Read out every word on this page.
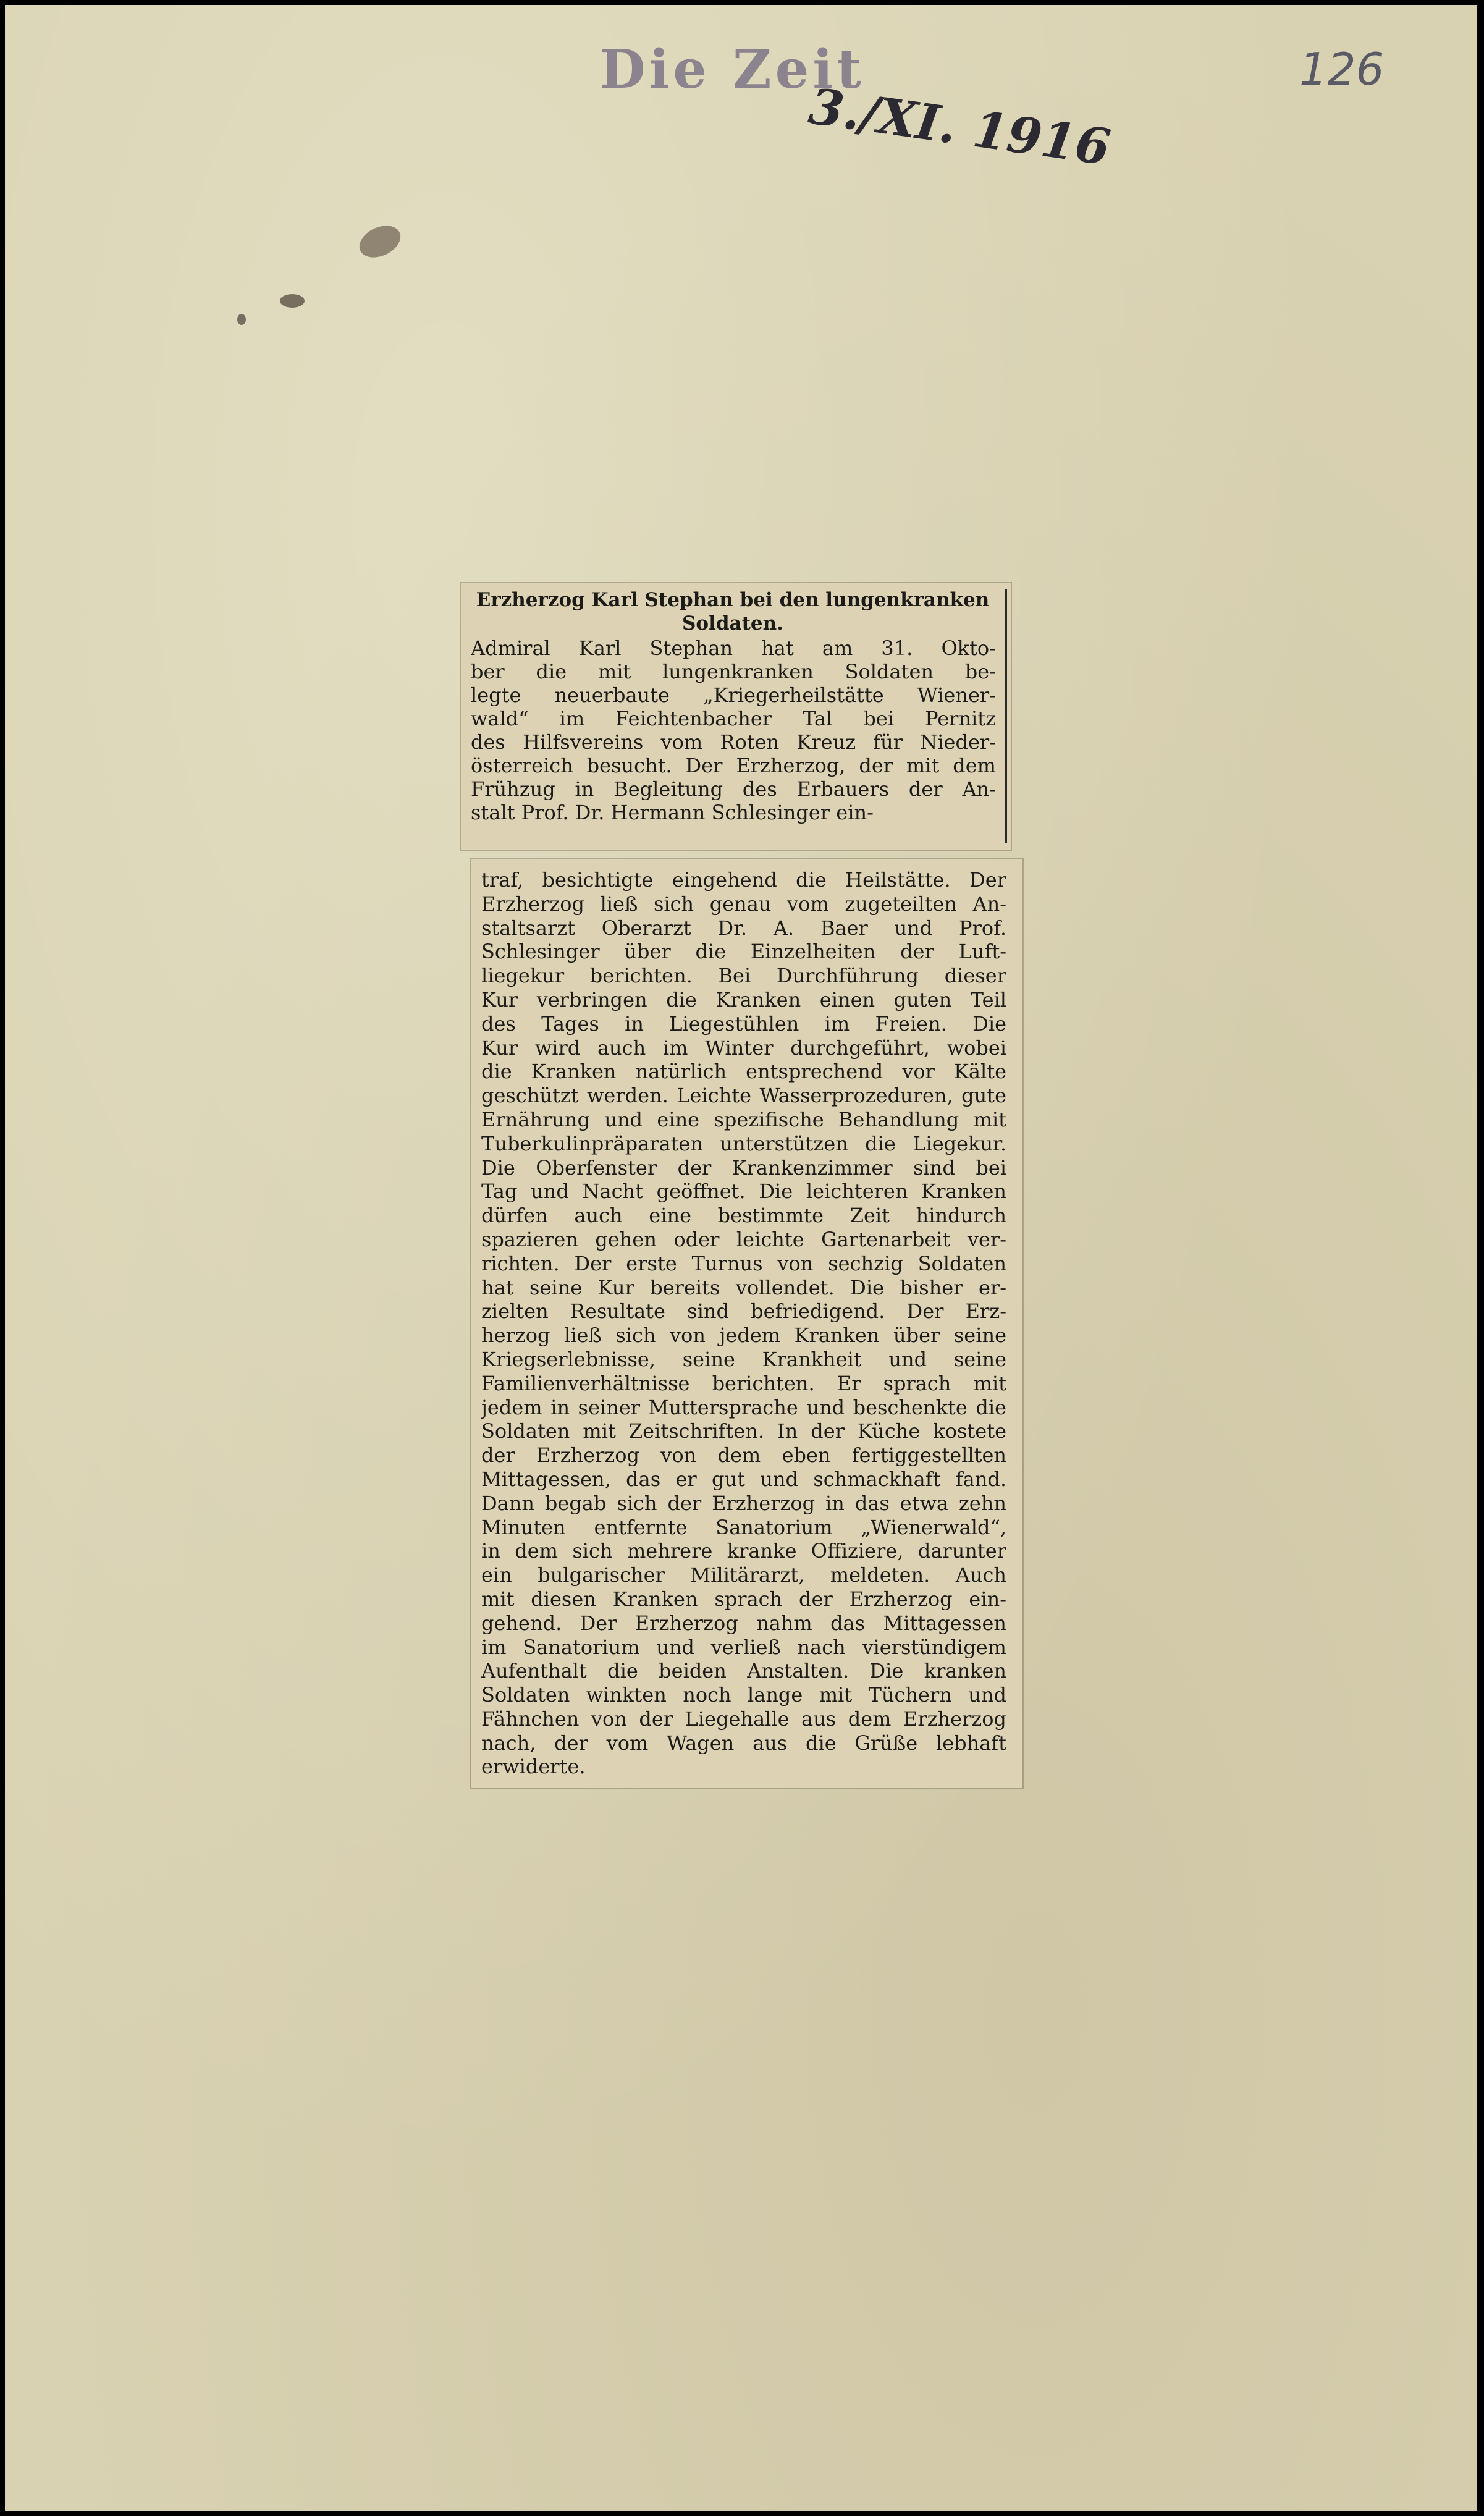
Die Zeit
3./XI. 1916
126
Erzherzog Karl Stephan bei den lungenkranken
Soldaten.
Admiral Karl Stephan hat am 31. Okto-
ber die mit lungenkranken Soldaten be-
legte neuerbaute „Kriegerheilstätte Wiener-
wald“ im Feichtenbacher Tal bei Pernitz
des Hilfsvereins vom Roten Kreuz für Nieder-
österreich besucht. Der Erzherzog, der mit dem
Frühzug in Begleitung des Erbauers der An-
stalt Prof. Dr. Hermann Schlesinger ein-
traf, besichtigte eingehend die Heilstätte. Der
Erzherzog ließ sich genau vom zugeteilten An-
staltsarzt Oberarzt Dr. A. Baer und Prof.
Schlesinger über die Einzelheiten der Luft-
liegekur berichten. Bei Durchführung dieser
Kur verbringen die Kranken einen guten Teil
des Tages in Liegestühlen im Freien. Die
Kur wird auch im Winter durchgeführt, wobei
die Kranken natürlich entsprechend vor Kälte
geschützt werden. Leichte Wasserprozeduren, gute
Ernährung und eine spezifische Behandlung mit
Tuberkulinpräparaten unterstützen die Liegekur.
Die Oberfenster der Krankenzimmer sind bei
Tag und Nacht geöffnet. Die leichteren Kranken
dürfen auch eine bestimmte Zeit hindurch
spazieren gehen oder leichte Gartenarbeit ver-
richten. Der erste Turnus von sechzig Soldaten
hat seine Kur bereits vollendet. Die bisher er-
zielten Resultate sind befriedigend. Der Erz-
herzog ließ sich von jedem Kranken über seine
Kriegserlebnisse, seine Krankheit und seine
Familienverhältnisse berichten. Er sprach mit
jedem in seiner Muttersprache und beschenkte die
Soldaten mit Zeitschriften. In der Küche kostete
der Erzherzog von dem eben fertiggestellten
Mittagessen, das er gut und schmackhaft fand.
Dann begab sich der Erzherzog in das etwa zehn
Minuten entfernte Sanatorium „Wienerwald“,
in dem sich mehrere kranke Offiziere, darunter
ein bulgarischer Militärarzt, meldeten. Auch
mit diesen Kranken sprach der Erzherzog ein-
gehend. Der Erzherzog nahm das Mittagessen
im Sanatorium und verließ nach vierstündigem
Aufenthalt die beiden Anstalten. Die kranken
Soldaten winkten noch lange mit Tüchern und
Fähnchen von der Liegehalle aus dem Erzherzog
nach, der vom Wagen aus die Grüße lebhaft
erwiderte.
